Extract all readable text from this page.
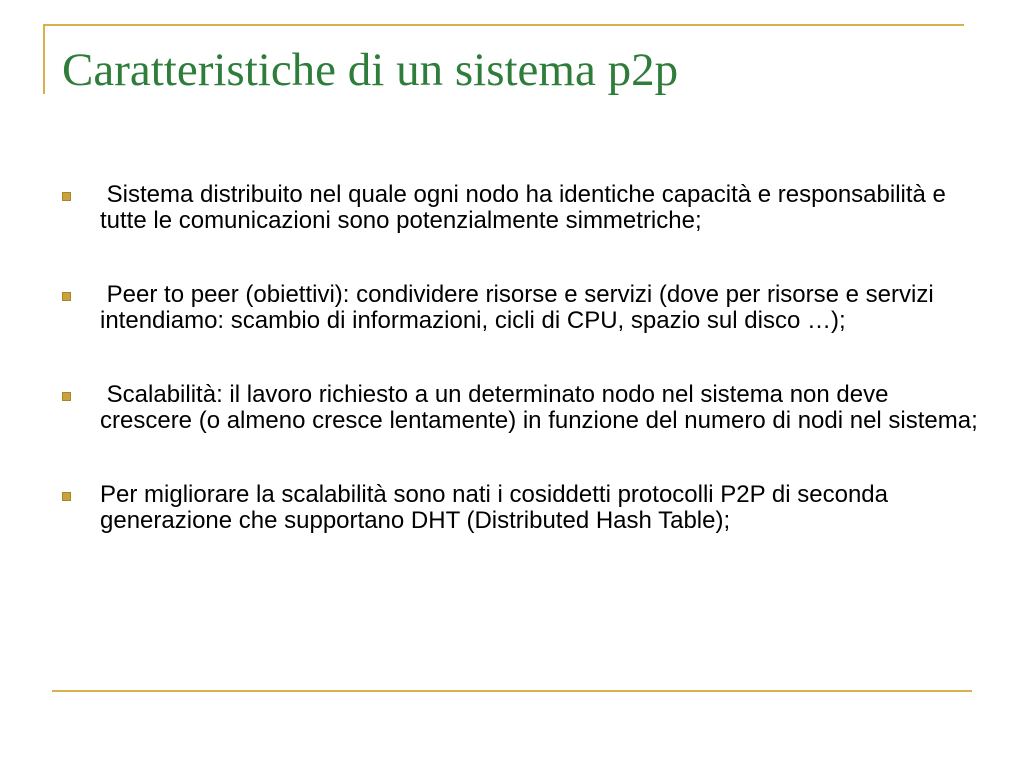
Caratteristiche di un sistema p2p
Sistema distribuito nel quale ogni nodo ha identiche capacità e responsabilità e tutte le comunicazioni sono potenzialmente simmetriche;
Peer to peer (obiettivi): condividere risorse e servizi (dove per risorse e servizi intendiamo: scambio di informazioni, cicli di CPU, spazio sul disco …);
Scalabilità: il lavoro richiesto a un determinato nodo nel sistema non deve crescere (o almeno cresce lentamente) in funzione del numero di nodi nel sistema;
Per migliorare la scalabilità sono nati i cosiddetti protocolli P2P di seconda generazione che supportano DHT (Distributed Hash Table);
